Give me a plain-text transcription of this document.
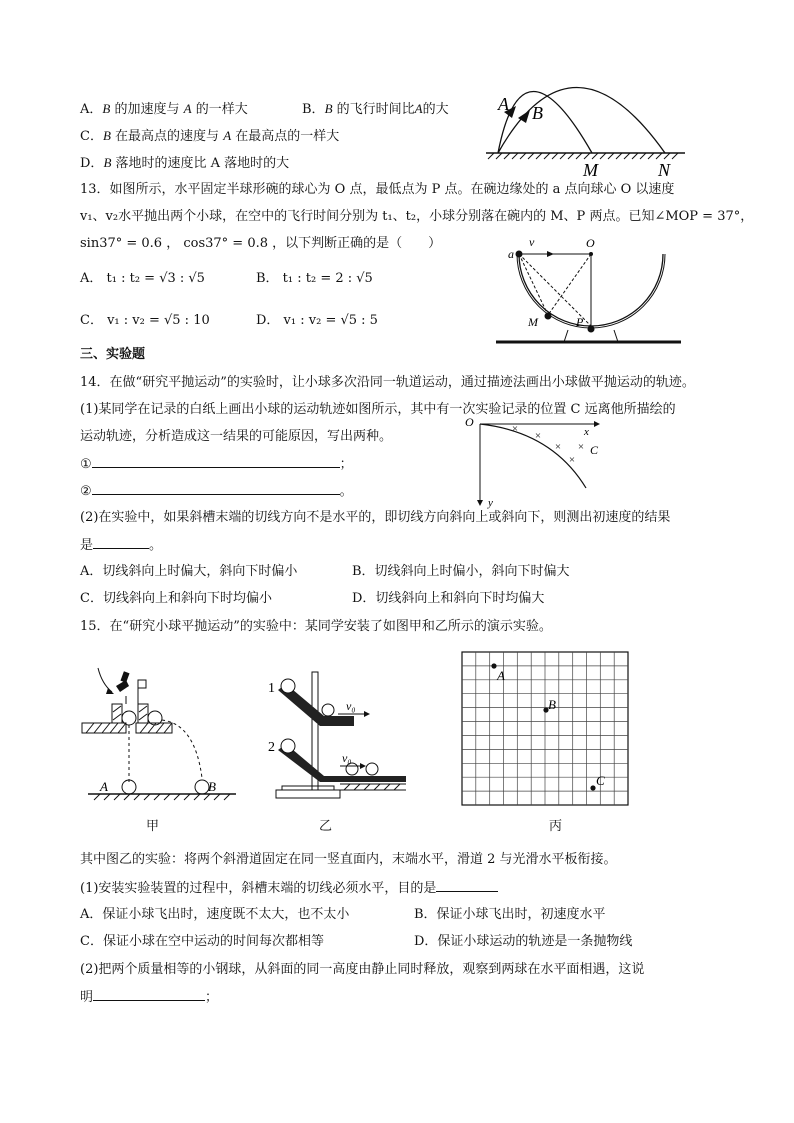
A．B 的加速度与 A 的一样大	B．B 的飞行时间比A的大
C．B 在最高点的速度与 A 在最高点的一样大
D．B 落地时的速度比 A 落地时的大
A B
M	N
13．如图所示，水平固定半球形碗的球心为 O 点，最低点为 P 点。在碗边缘处的 a 点向球心 O 以速度
v₁、v₂水平抛出两个小球，在空中的飞行时间分别为 t₁、t₂，小球分别落在碗内的 M、P 两点。已知∠MOP = 37°，
sin37° = 0.6 ， cos37° = 0.8 ，以下判断正确的是（　　）
A． t₁ : t₂ = √3 : √5	B． t₁ : t₂ = 2 : √5
C． v₁ : v₂ = √5 : 10	D． v₁ : v₂ = √5 : 5
a
v	O
M	P
三、实验题
14．在做“研究平抛运动”的实验时，让小球多次沿同一轨道运动，通过描迹法画出小球做平抛运动的轨迹。
(1)某同学在记录的白纸上画出小球的运动轨迹如图所示，其中有一次实验记录的位置 C 远离他所描绘的
运动轨迹，分析造成这一结果的可能原因，写出两种。
①	；
②	。
×
×
×
×
×
O
x
y
C
(2)在实验中，如果斜槽末端的切线方向不是水平的，即切线方向斜向上或斜向下，则测出初速度的结果
是	。
A．切线斜向上时偏大，斜向下时偏小	B．切线斜向上时偏小，斜向下时偏大
C．切线斜向上和斜向下时均偏小	D．切线斜向上和斜向下时均偏大
15．在“研究小球平抛运动”的实验中：某同学安装了如图甲和乙所示的演示实验。
A	B
1
2
v₀
v₀
A
B
C
甲	乙	丙
其中图乙的实验：将两个斜滑道固定在同一竖直面内，末端水平，滑道 2 与光滑水平板衔接。
(1)安装实验装置的过程中，斜槽末端的切线必须水平，目的是
A．保证小球飞出时，速度既不太大，也不太小	B．保证小球飞出时，初速度水平
C．保证小球在空中运动的时间每次都相等	D．保证小球运动的轨迹是一条抛物线
(2)把两个质量相等的小钢球，从斜面的同一高度由静止同时释放，观察到两球在水平面相遇，这说
明	；
